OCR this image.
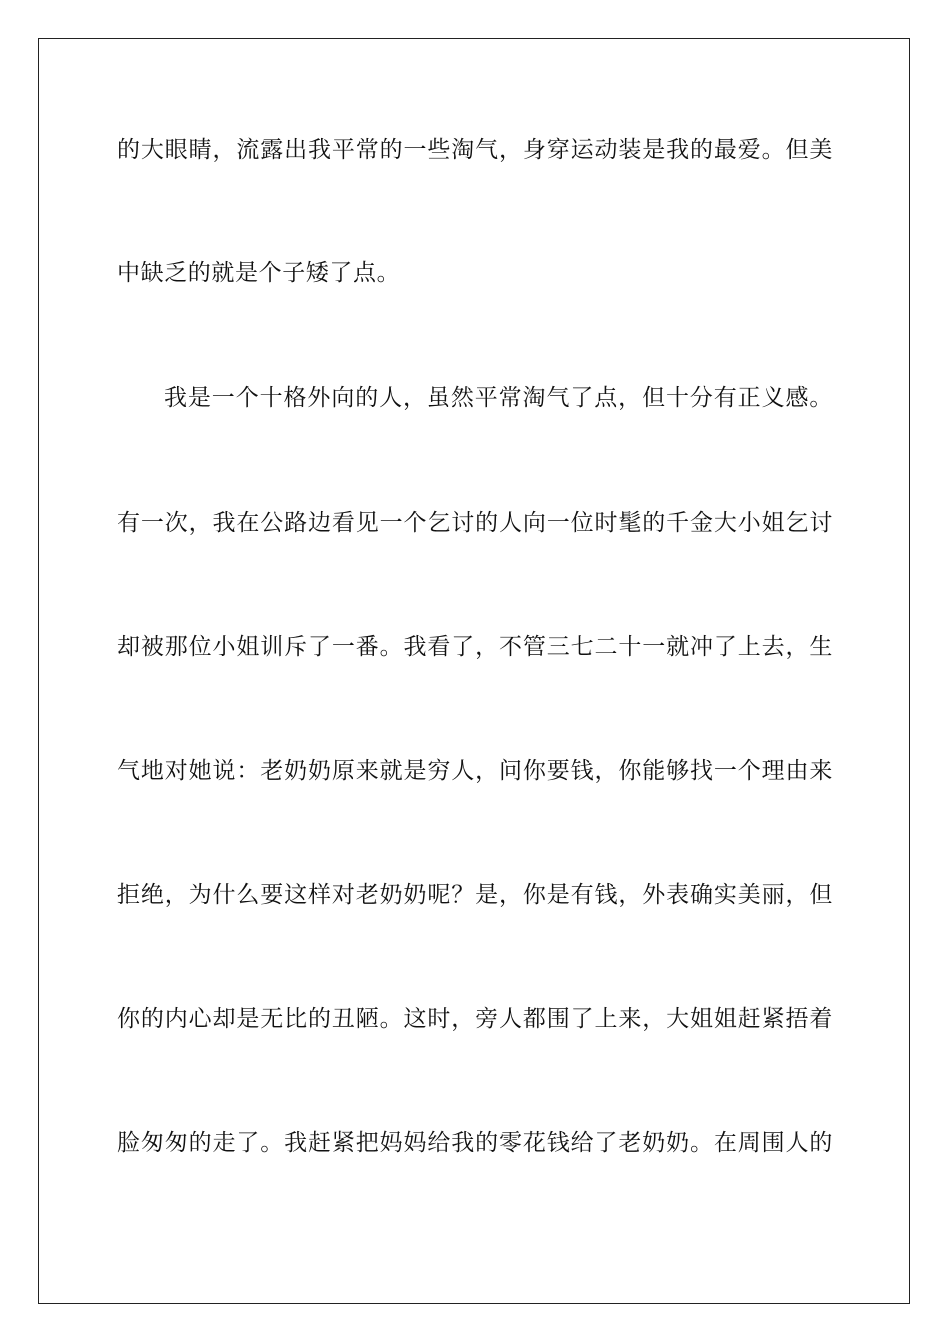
的大眼睛，流露出我平常的一些淘气，身穿运动装是我的最爱。但美
中缺乏的就是个子矮了点。
我是一个十格外向的人，虽然平常淘气了点，但十分有正义感。
有一次，我在公路边看见一个乞讨的人向一位时髦的千金大小姐乞讨
却被那位小姐训斥了一番。我看了，不管三七二十一就冲了上去，生
气地对她说：老奶奶原来就是穷人，问你要钱，你能够找一个理由来
拒绝，为什么要这样对老奶奶呢？是，你是有钱，外表确实美丽，但
你的内心却是无比的丑陋。这时，旁人都围了上来，大姐姐赶紧捂着
脸匆匆的走了。我赶紧把妈妈给我的零花钱给了老奶奶。在周围人的
